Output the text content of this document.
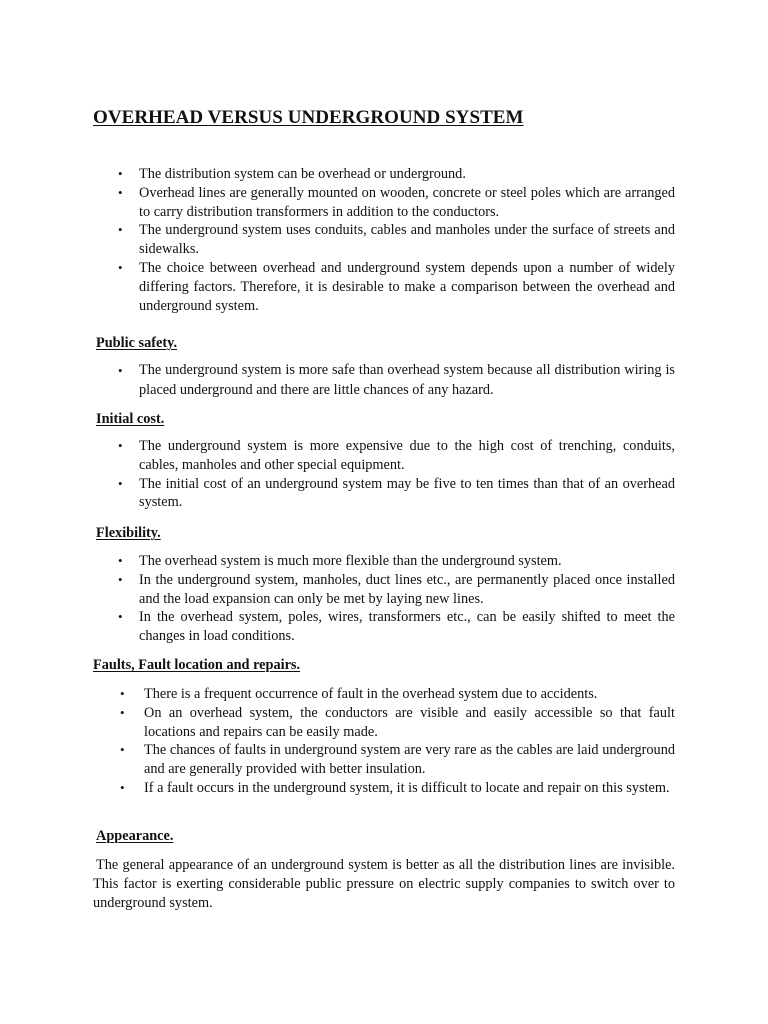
OVERHEAD VERSUS UNDERGROUND SYSTEM
• The distribution system can be overhead or underground.
• Overhead lines are generally mounted on wooden, concrete or steel poles which are arranged to carry distribution transformers in addition to the conductors.
• The underground system uses conduits, cables and manholes under the surface of streets and sidewalks.
• The choice between overhead and underground system depends upon a number of widely differing factors. Therefore, it is desirable to make a comparison between the overhead and underground system.
Public safety.
• The underground system is more safe than overhead system because all distribution wiring is placed underground and there are little chances of any hazard.
Initial cost.
• The underground system is more expensive due to the high cost of trenching, conduits, cables, manholes and other special equipment.
• The initial cost of an underground system may be five to ten times than that of an overhead system.
Flexibility.
• The overhead system is much more flexible than the underground system.
• In the underground system, manholes, duct lines etc., are permanently placed once installed and the load expansion can only be met by laying new lines.
• In the overhead system, poles, wires, transformers etc., can be easily shifted to meet the changes in load conditions.
Faults, Fault location and repairs.
• There is a frequent occurrence of fault in the overhead system due to accidents.
• On an overhead system, the conductors are visible and easily accessible so that fault locations and repairs can be easily made.
• The chances of faults in underground system are very rare as the cables are laid underground and are generally provided with better insulation.
• If a fault occurs in the underground system, it is difficult to locate and repair on this system.
Appearance.

The general appearance of an underground system is better as all the distribution lines are invisible. This factor is exerting considerable public pressure on electric supply companies to switch over to underground system.
